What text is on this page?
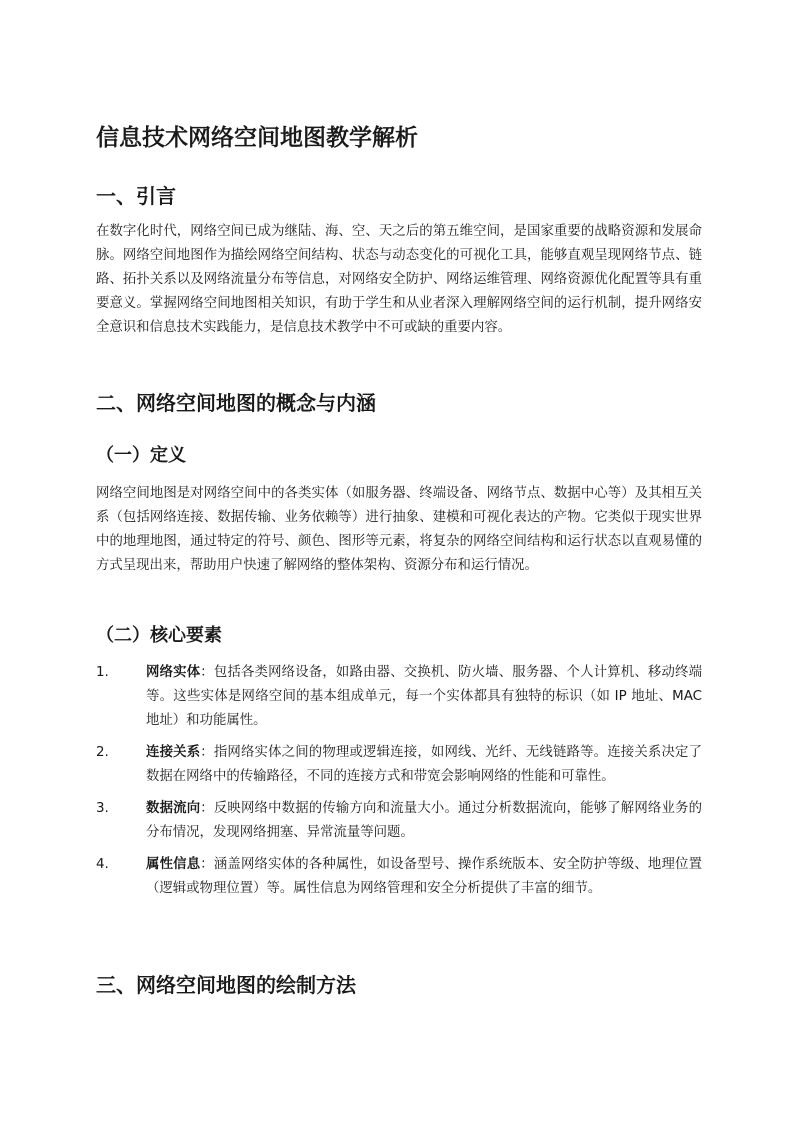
信息技术网络空间地图教学解析
一、引言

在数字化时代，网络空间已成为继陆、海、空、天之后的第五维空间，是国家重要的战略资源和发展命脉。网络空间地图作为描绘网络空间结构、状态与动态变化的可视化工具，能够直观呈现网络节点、链路、拓扑关系以及网络流量分布等信息，对网络安全防护、网络运维管理、网络资源优化配置等具有重要意义。掌握网络空间地图相关知识，有助于学生和从业者深入理解网络空间的运行机制，提升网络安全意识和信息技术实践能力，是信息技术教学中不可或缺的重要内容。

二、网络空间地图的概念与内涵
（一）定义

网络空间地图是对网络空间中的各类实体（如服务器、终端设备、网络节点、数据中心等）及其相互关系（包括网络连接、数据传输、业务依赖等）进行抽象、建模和可视化表达的产物。它类似于现实世界中的地理地图，通过特定的符号、颜色、图形等元素，将复杂的网络空间结构和运行状态以直观易懂的方式呈现出来，帮助用户快速了解网络的整体架构、资源分布和运行情况。

（二）核心要素
1.	网络实体：包括各类网络设备，如路由器、交换机、防火墙、服务器、个人计算机、移动终端等。这些实体是网络空间的基本组成单元，每一个实体都具有独特的标识（如 IP 地址、MAC 地址）和功能属性。
2.	连接关系：指网络实体之间的物理或逻辑连接，如网线、光纤、无线链路等。连接关系决定了数据在网络中的传输路径，不同的连接方式和带宽会影响网络的性能和可靠性。
3.	数据流向：反映网络中数据的传输方向和流量大小。通过分析数据流向，能够了解网络业务的分布情况，发现网络拥塞、异常流量等问题。
4.	属性信息：涵盖网络实体的各种属性，如设备型号、操作系统版本、安全防护等级、地理位置（逻辑或物理位置）等。属性信息为网络管理和安全分析提供了丰富的细节。
三、网络空间地图的绘制方法
